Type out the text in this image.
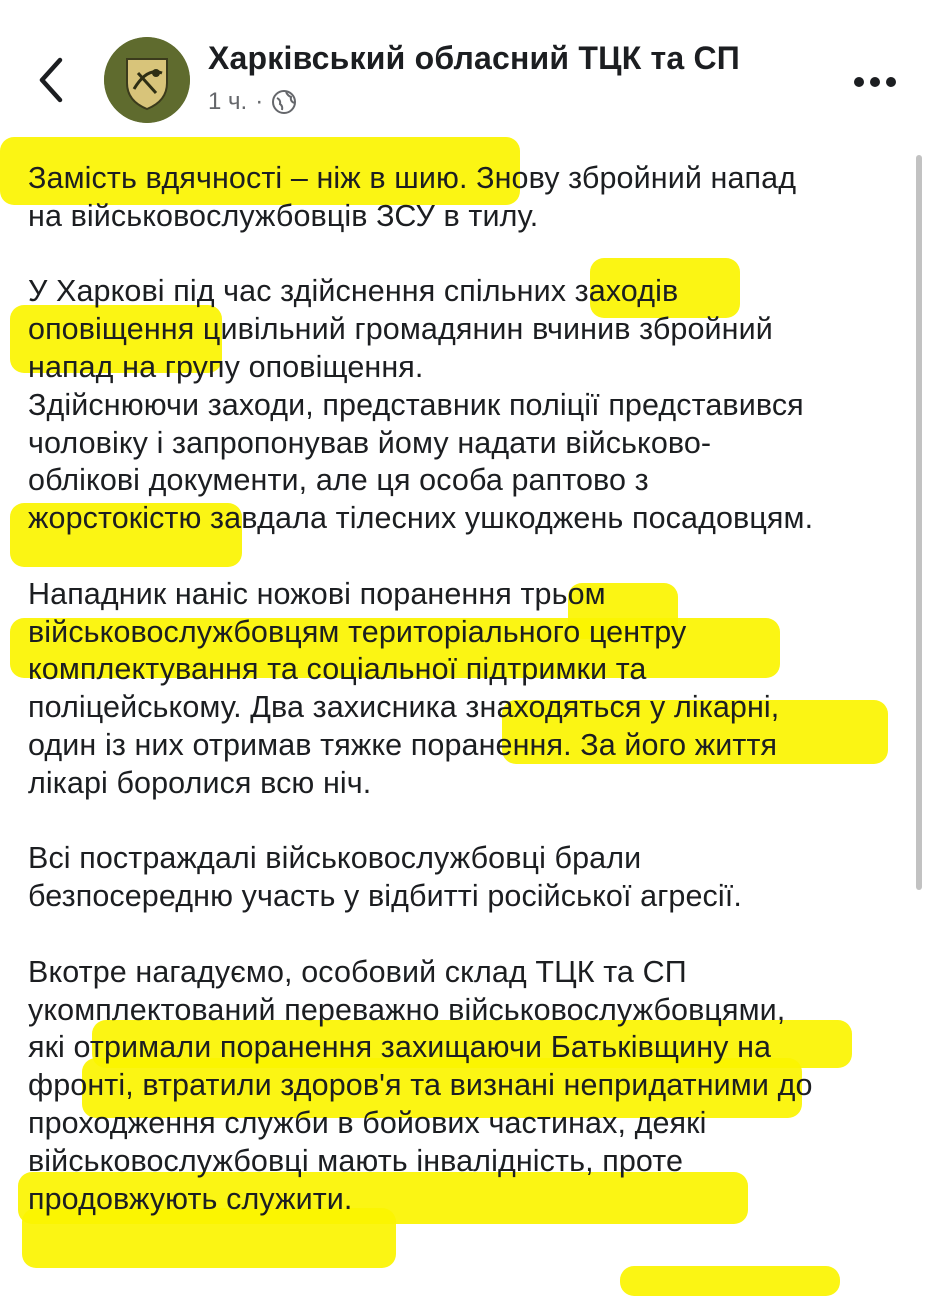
Харківський обласний ТЦК та СП
1 ч. ·

Замість вдячності – ніж в шию. Знову збройний напад
на військовослужбовців ЗСУ в тилу.

У Харкові під час здійснення спільних заходів
оповіщення цивільний громадянин вчинив збройний
напад на групу оповіщення.
Здійснюючи заходи, представник поліції представився
чоловіку і запропонував йому надати військово-
облікові документи, але ця особа раптово з
жорстокістю завдала тілесних ушкоджень посадовцям.

Нападник наніс ножові поранення трьом
військовослужбовцям територіального центру
комплектування та соціальної підтримки та
поліцейському. Два захисника знаходяться у лікарні,
один із них отримав тяжке поранення. За його життя
лікарі боролися всю ніч.

Всі постраждалі військовослужбовці брали
безпосередню участь у відбитті російської агресії.

Вкотре нагадуємо, особовий склад ТЦК та СП
укомплектований переважно військовослужбовцями,
які отримали поранення захищаючи Батьківщину на
фронті, втратили здоров'я та визнані непридатними до
проходження служби в бойових частинах, деякі
військовослужбовці мають інвалідність, проте
продовжують служити.
